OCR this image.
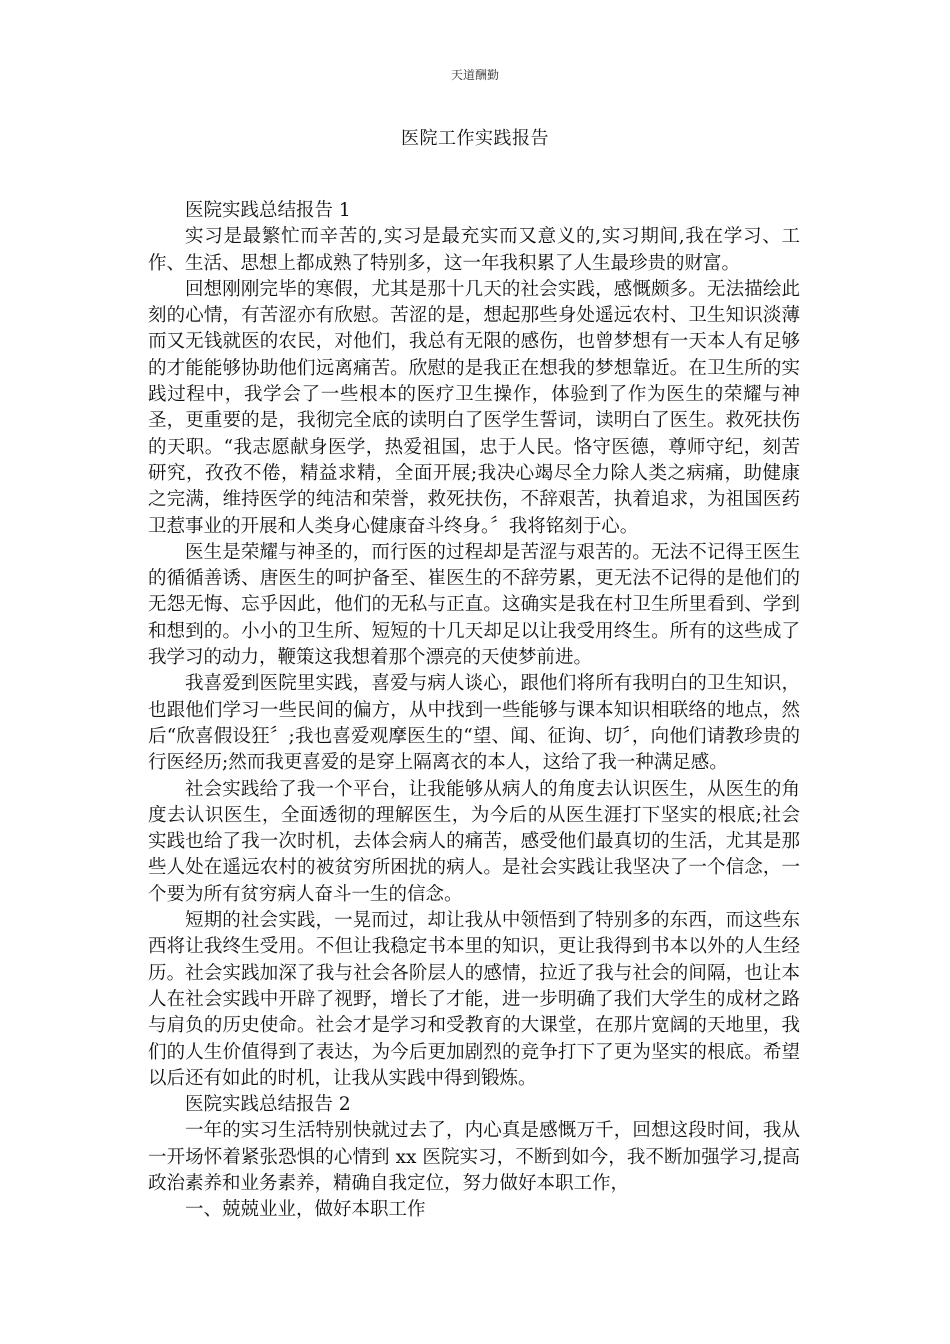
天道酬勤
医院工作实践报告

医院实践总结报告 1

实习是最繁忙而辛苦的,实习是最充实而又意义的,实习期间,我在学习、工作、生活、思想上都成熟了特别多，这一年我积累了人生最珍贵的财富。

回想刚刚完毕的寒假，尤其是那十几天的社会实践，感慨颇多。无法描绘此刻的心情，有苦涩亦有欣慰。苦涩的是，想起那些身处遥远农村、卫生知识淡薄而又无钱就医的农民，对他们，我总有无限的感伤，也曾梦想有一天本人有足够的才能能够协助他们远离痛苦。欣慰的是我正在想我的梦想靠近。在卫生所的实践过程中，我学会了一些根本的医疗卫生操作，体验到了作为医生的荣耀与神圣，更重要的是，我彻完全底的读明白了医学生誓词，读明白了医生。救死扶伤的天职。“我志愿献身医学，热爱祖国，忠于人民。恪守医德，尊师守纪，刻苦研究，孜孜不倦，精益求精，全面开展;我决心竭尽全力除人类之病痛，助健康之完满，维持医学的纯洁和荣誉，救死扶伤，不辞艰苦，执着追求，为祖国医药卫惹事业的开展和人类身心健康奋斗终身。〞我将铭刻于心。

医生是荣耀与神圣的，而行医的过程却是苦涩与艰苦的。无法不记得王医生的循循善诱、唐医生的呵护备至、崔医生的不辞劳累，更无法不记得的是他们的无怨无悔、忘乎因此，他们的无私与正直。这确实是我在村卫生所里看到、学到和想到的。小小的卫生所、短短的十几天却足以让我受用终生。所有的这些成了我学习的动力，鞭策这我想着那个漂亮的天使梦前进。

我喜爱到医院里实践，喜爱与病人谈心，跟他们将所有我明白的卫生知识，也跟他们学习一些民间的偏方，从中找到一些能够与课本知识相联络的地点，然后“欣喜假设狂〞;我也喜爱观摩医生的“望、闻、征询、切〞，向他们请教珍贵的行医经历;然而我更喜爱的是穿上隔离衣的本人，这给了我一种满足感。

社会实践给了我一个平台，让我能够从病人的角度去认识医生，从医生的角度去认识医生，全面透彻的理解医生，为今后的从医生涯打下坚实的根底;社会实践也给了我一次时机，去体会病人的痛苦，感受他们最真切的生活，尤其是那些人处在遥远农村的被贫穷所困扰的病人。是社会实践让我坚决了一个信念，一个要为所有贫穷病人奋斗一生的信念。

短期的社会实践，一晃而过，却让我从中领悟到了特别多的东西，而这些东西将让我终生受用。不但让我稳定书本里的知识，更让我得到书本以外的人生经历。社会实践加深了我与社会各阶层人的感情，拉近了我与社会的间隔，也让本人在社会实践中开辟了视野，增长了才能，进一步明确了我们大学生的成材之路与肩负的历史使命。社会才是学习和受教育的大课堂，在那片宽阔的天地里，我们的人生价值得到了表达，为今后更加剧烈的竞争打下了更为坚实的根底。希望以后还有如此的时机，让我从实践中得到锻炼。

医院实践总结报告 2

一年的实习生活特别快就过去了，内心真是感慨万千，回想这段时间，我从一开场怀着紧张恐惧的心情到 xx 医院实习，不断到如今，我不断加强学习,提高政治素养和业务素养，精确自我定位，努力做好本职工作，

一、兢兢业业，做好本职工作
